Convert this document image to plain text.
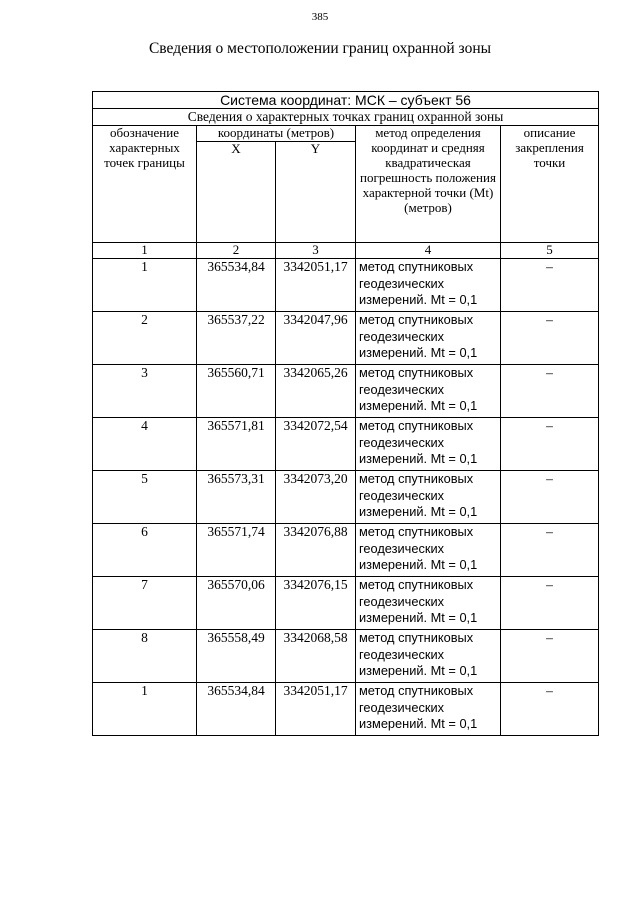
385
Сведения о местоположении границ охранной зоны
Система координат: МСК – субъект 56				
Сведения о характерных точках границ охранной зоны				
обозначение характерных точек границы	координаты (метров)		метод определения координат и средняя квадратическая погрешность положения характерной точки (Mt) (метров)	описание закрепления точки
	X	Y		
1	2	3	4	5
1	365534,84	3342051,17	метод спутниковых
геодезических
измерений. Mt = 0,1	–
2	365537,22	3342047,96	метод спутниковых
геодезических
измерений. Mt = 0,1	–
3	365560,71	3342065,26	метод спутниковых
геодезических
измерений. Mt = 0,1	–
4	365571,81	3342072,54	метод спутниковых
геодезических
измерений. Mt = 0,1	–
5	365573,31	3342073,20	метод спутниковых
геодезических
измерений. Mt = 0,1	–
6	365571,74	3342076,88	метод спутниковых
геодезических
измерений. Mt = 0,1	–
7	365570,06	3342076,15	метод спутниковых
геодезических
измерений. Mt = 0,1	–
8	365558,49	3342068,58	метод спутниковых
геодезических
измерений. Mt = 0,1	–
1	365534,84	3342051,17	метод спутниковых
геодезических
измерений. Mt = 0,1	–
